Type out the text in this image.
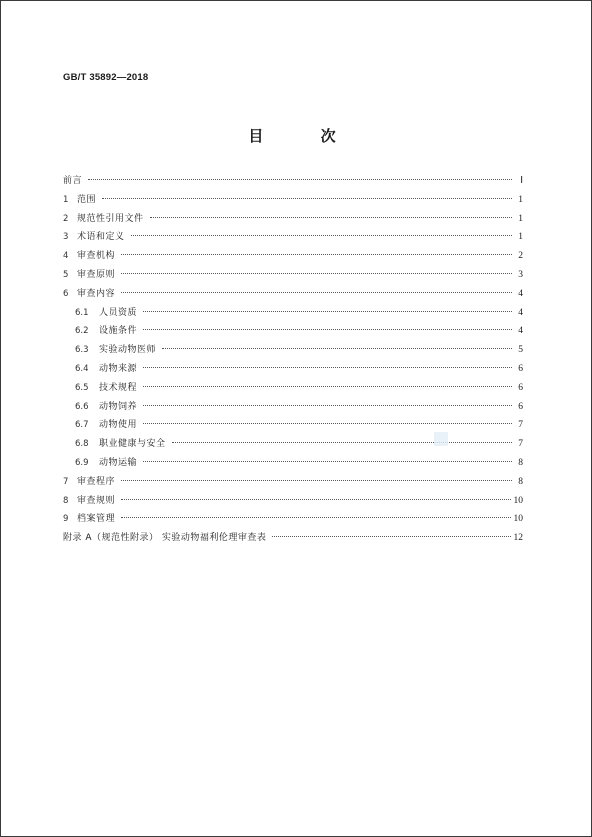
GB/T 35892—2018
目 次
前言	Ⅰ
1 范围	1
2 规范性引用文件	1
3 术语和定义	1
4 审查机构	2
5 审查原则	3
6 审查内容	4
6.1	人员资质	4
6.2	设施条件	4
6.3	实验动物医师	5
6.4	动物来源	6
6.5	技术规程	6
6.6	动物饲养	6
6.7	动物使用	7
6.8	职业健康与安全	7
6.9	动物运输	8
7 审查程序	8
8 审查规则	10
9 档案管理	10
附录 A（规范性附录） 实验动物福利伦理审查表	12
